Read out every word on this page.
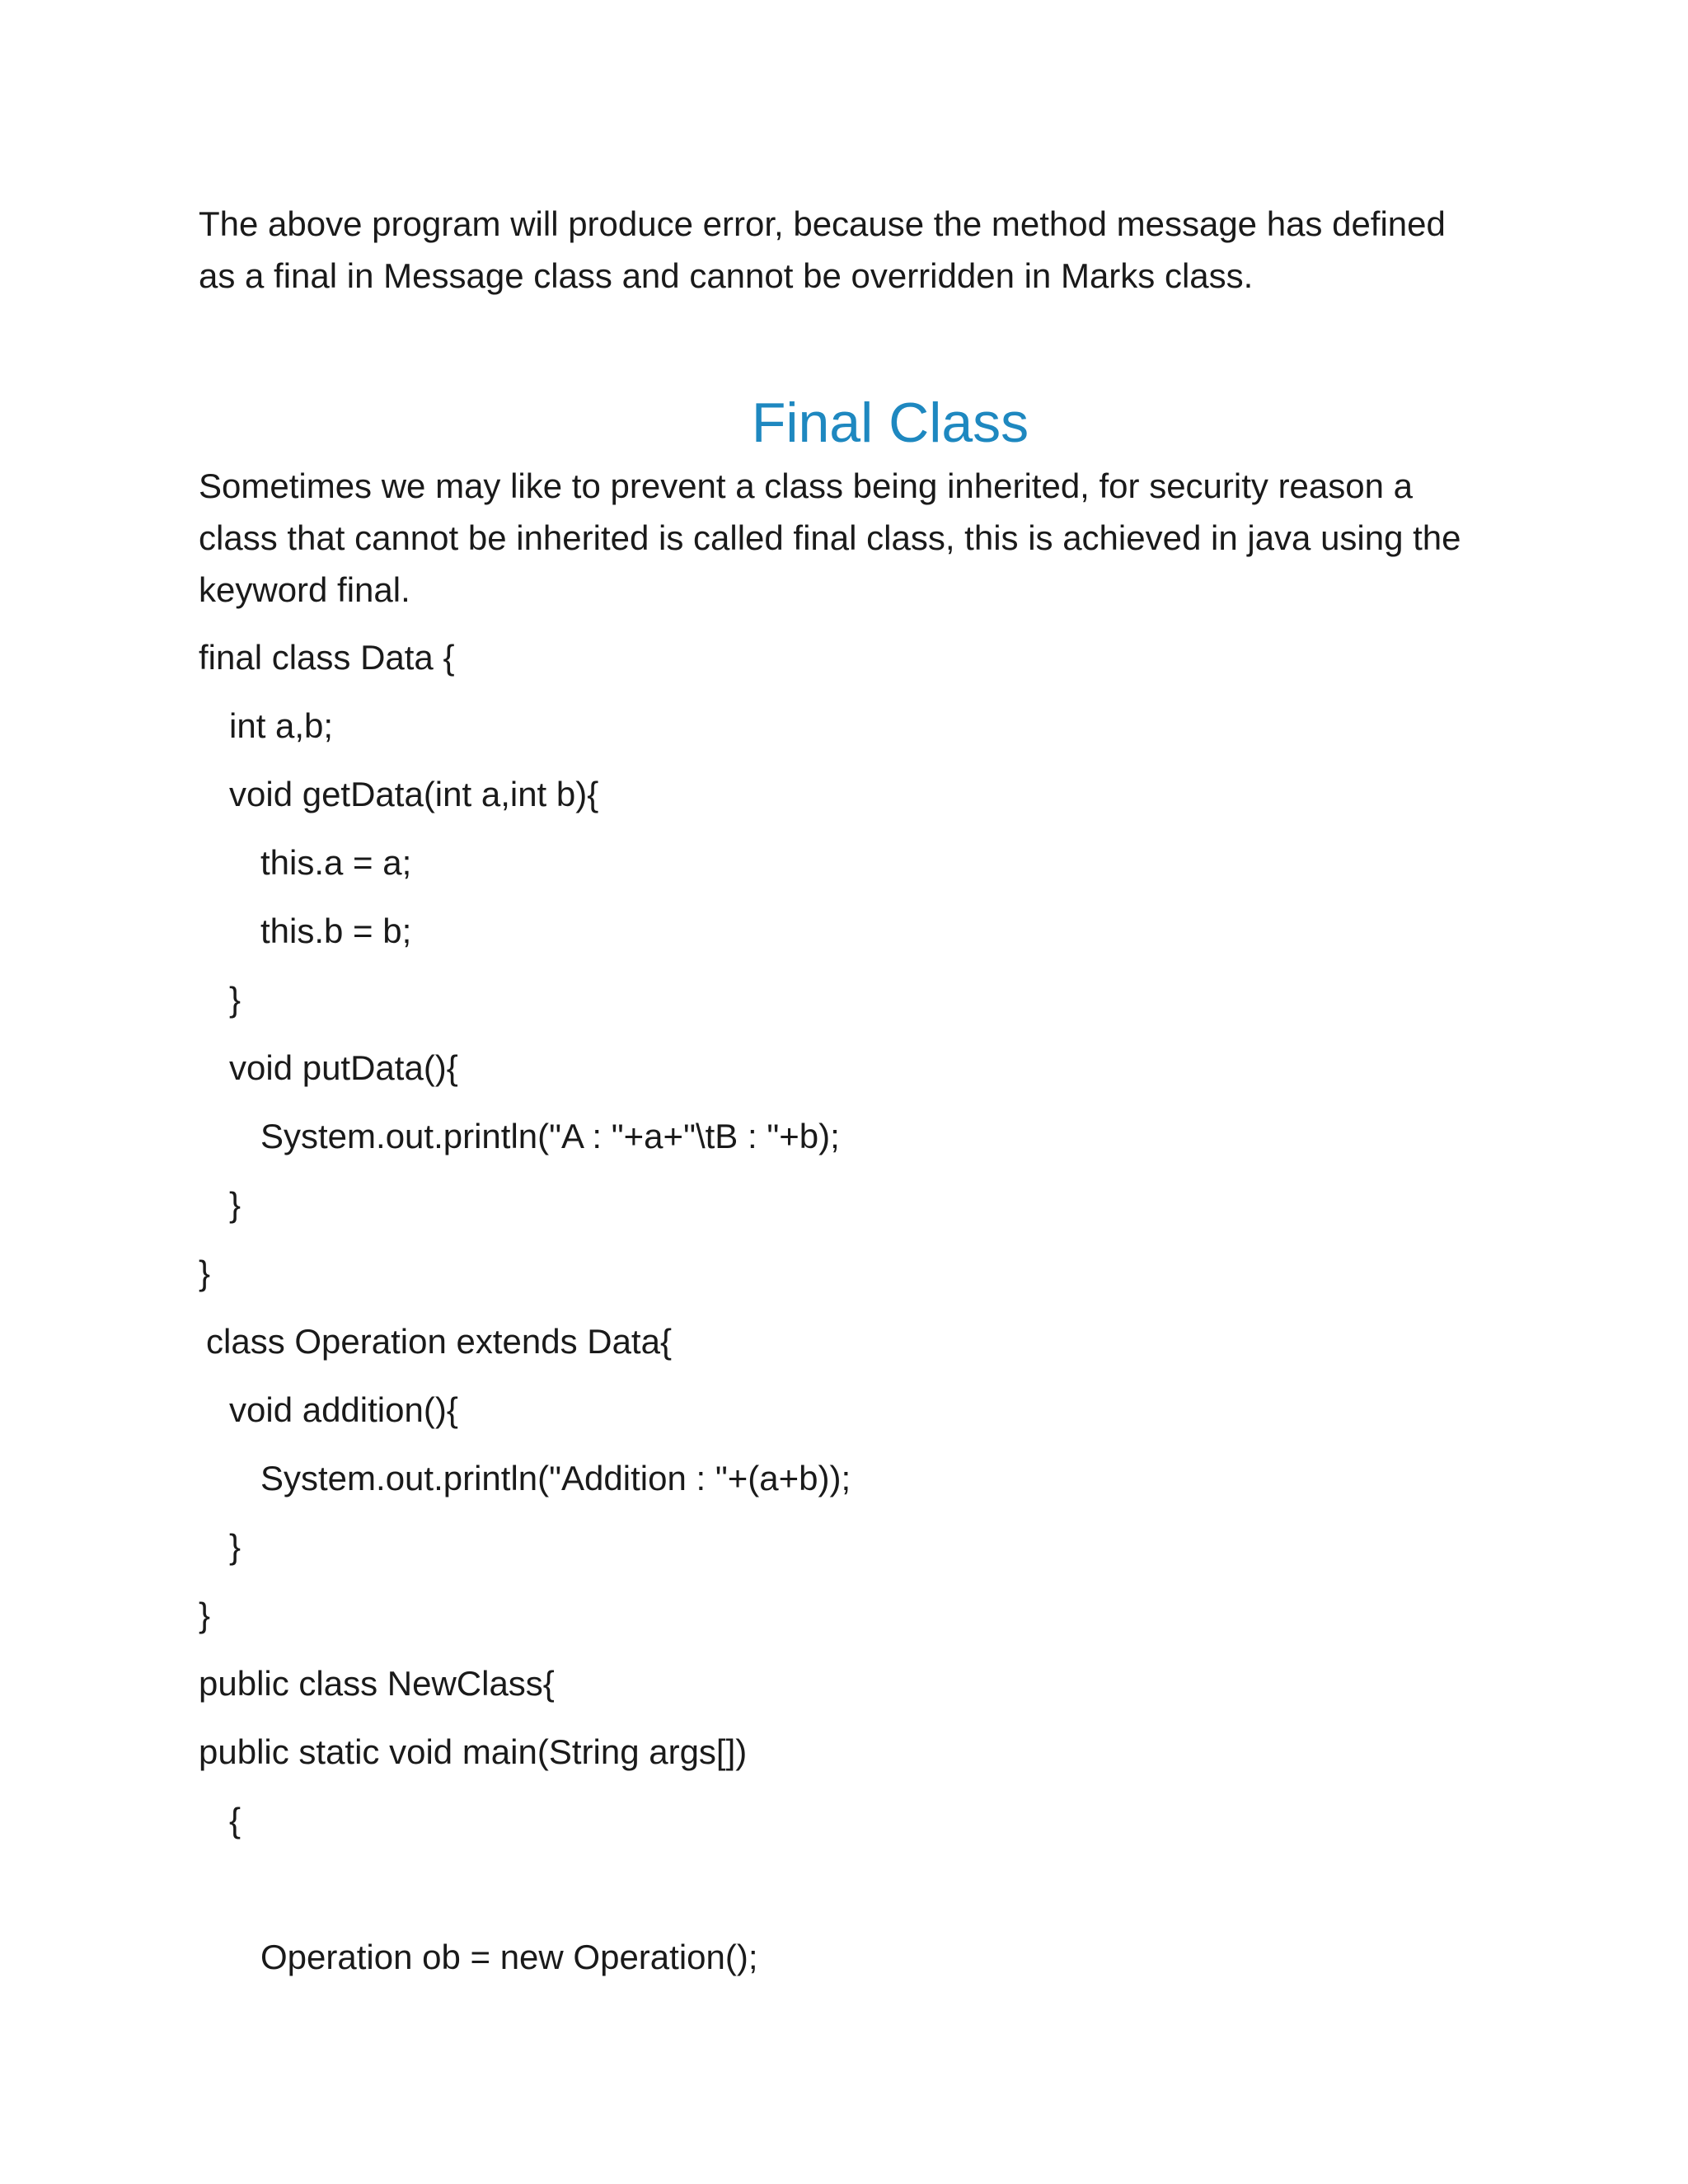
The above program will produce error, because the method message has defined

as a final in Message class and cannot be overridden in Marks class.

Final Class

Sometimes we may like to prevent a class being inherited, for security reason a

class that cannot be inherited is called final class, this is achieved in java using the

keyword final.

final class Data {

int a,b;

void getData(int a,int b){

this.a = a;

this.b = b;

}

void putData(){

System.out.println("A : "+a+"\tB : "+b);

}

}

class Operation extends Data{

void addition(){

System.out.println("Addition : "+(a+b));

}

}

public class NewClass{

public static void main(String args[])

{

Operation ob = new Operation();
